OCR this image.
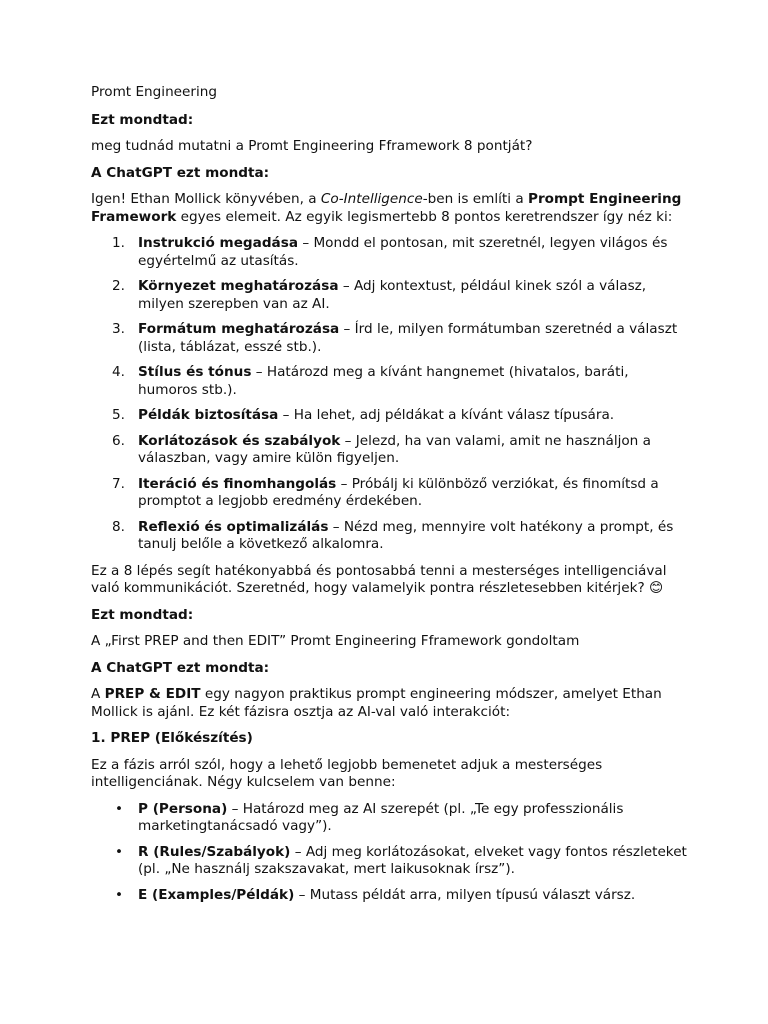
Promt Engineering

Ezt mondtad:

meg tudnád mutatni a Promt Engineering Fframework 8 pontját?

A ChatGPT ezt mondta:

Igen! Ethan Mollick könyvében, a Co-Intelligence-ben is említi a Prompt Engineering Framework egyes elemeit. Az egyik legismertebb 8 pontos keretrendszer így néz ki:

1. Instrukció megadása – Mondd el pontosan, mit szeretnél, legyen világos és egyértelmű az utasítás.
2. Környezet meghatározása – Adj kontextust, például kinek szól a válasz, milyen szerepben van az AI.
3. Formátum meghatározása – Írd le, milyen formátumban szeretnéd a választ (lista, táblázat, esszé stb.).
4. Stílus és tónus – Határozd meg a kívánt hangnemet (hivatalos, baráti, humoros stb.).
5. Példák biztosítása – Ha lehet, adj példákat a kívánt válasz típusára.
6. Korlátozások és szabályok – Jelezd, ha van valami, amit ne használjon a válaszban, vagy amire külön figyeljen.
7. Iteráció és finomhangolás – Próbálj ki különböző verziókat, és finomítsd a promptot a legjobb eredmény érdekében.
8. Reflexió és optimalizálás – Nézd meg, mennyire volt hatékony a prompt, és tanulj belőle a következő alkalomra.

Ez a 8 lépés segít hatékonyabbá és pontosabbá tenni a mesterséges intelligenciával való kommunikációt. Szeretnéd, hogy valamelyik pontra részletesebben kitérjek? 😊

Ezt mondtad:

A „First PREP and then EDIT” Promt Engineering Fframework gondoltam

A ChatGPT ezt mondta:

A PREP & EDIT egy nagyon praktikus prompt engineering módszer, amelyet Ethan Mollick is ajánl. Ez két fázisra osztja az AI-val való interakciót:

1. PREP (Előkészítés)

Ez a fázis arról szól, hogy a lehető legjobb bemenetet adjuk a mesterséges intelligenciának. Négy kulcselem van benne:

•	P (Persona) – Határozd meg az AI szerepét (pl. „Te egy professzionális marketingtanácsadó vagy”).
•	R (Rules/Szabályok) – Adj meg korlátozásokat, elveket vagy fontos részleteket (pl. „Ne használj szakszavakat, mert laikusoknak írsz”).
•	E (Examples/Példák) – Mutass példát arra, milyen típusú választ vársz.
